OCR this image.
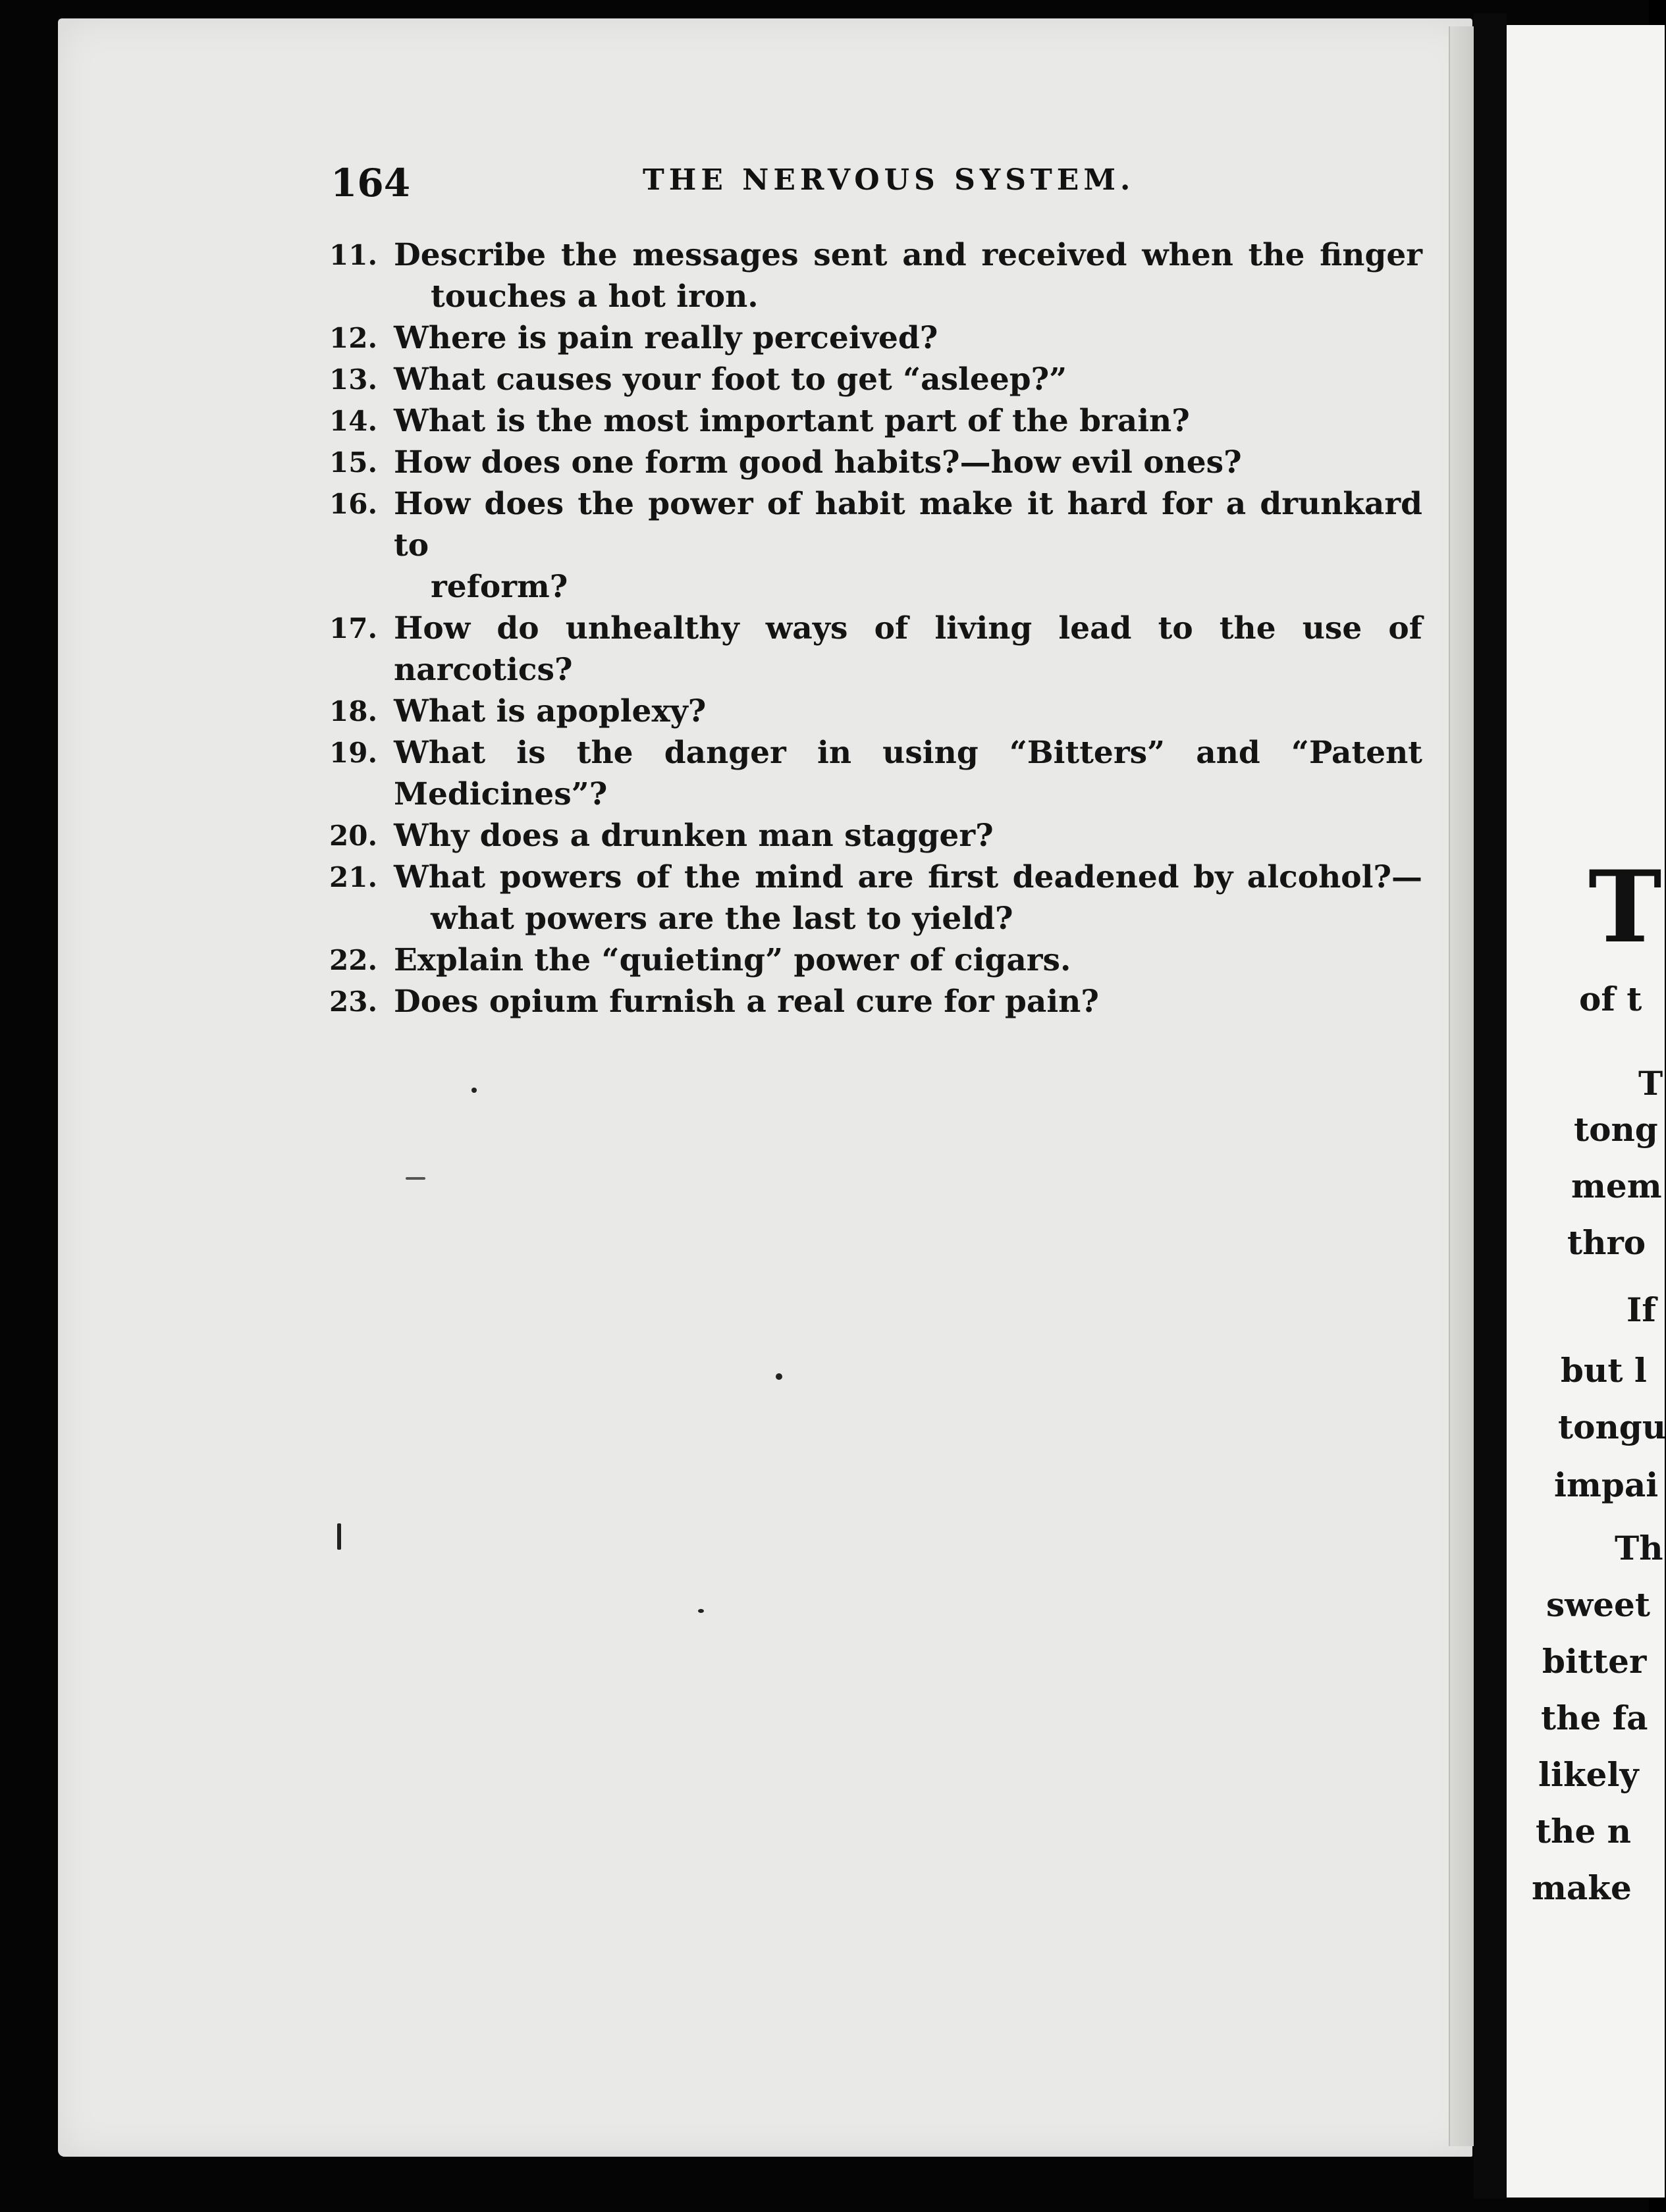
164	THE NERVOUS SYSTEM.
11. Describe the messages sent and received when the finger
touches a hot iron.
12. Where is pain really perceived?
13. What causes your foot to get “asleep?”
14. What is the most important part of the brain?
15. How does one form good habits?—how evil ones?
16. How does the power of habit make it hard for a drunkard to
reform?
17. How do unhealthy ways of living lead to the use of narcotics?
18. What is apoplexy?
19. What is the danger in using “Bitters” and “Patent Medicines”?
20. Why does a drunken man stagger?
21. What powers of the mind are first deadened by alcohol?—
what powers are the last to yield?
22. Explain the “quieting” power of cigars.
23. Does opium furnish a real cure for pain?
T
of t
T
tong
mem
thro
If
but l
tongu
impai
Th
sweet
bitter
the fa
likely
the n
make
